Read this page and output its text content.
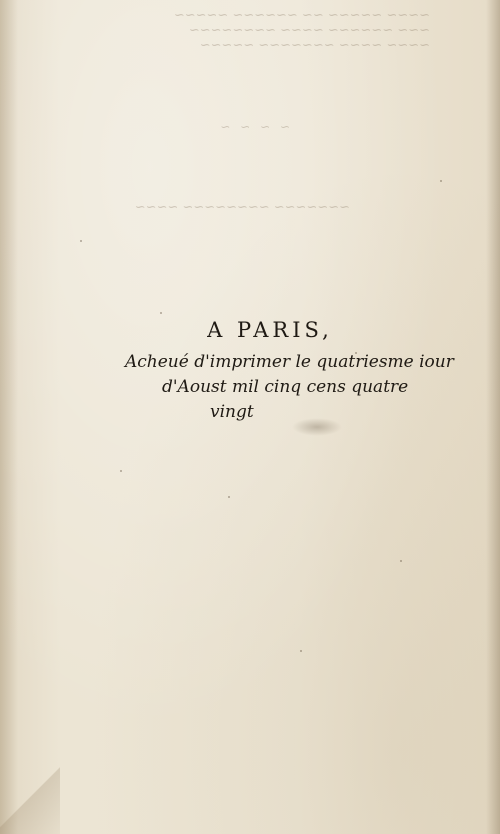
~~~~ ~~~~~ ~~ ~~~~~~ ~~~~~
~~~ ~~~~~~ ~~~~ ~~~~~~~~
~~~~ ~~~~ ~~~~~~~ ~~~~~
~ ~ ~ ~
~~~~~~~ ~~~~~~~~ ~~~~
A PARIS,
Acheué d'imprimer le quatriesme iour
d'Aoust mil cinq cens quatre
vingt
